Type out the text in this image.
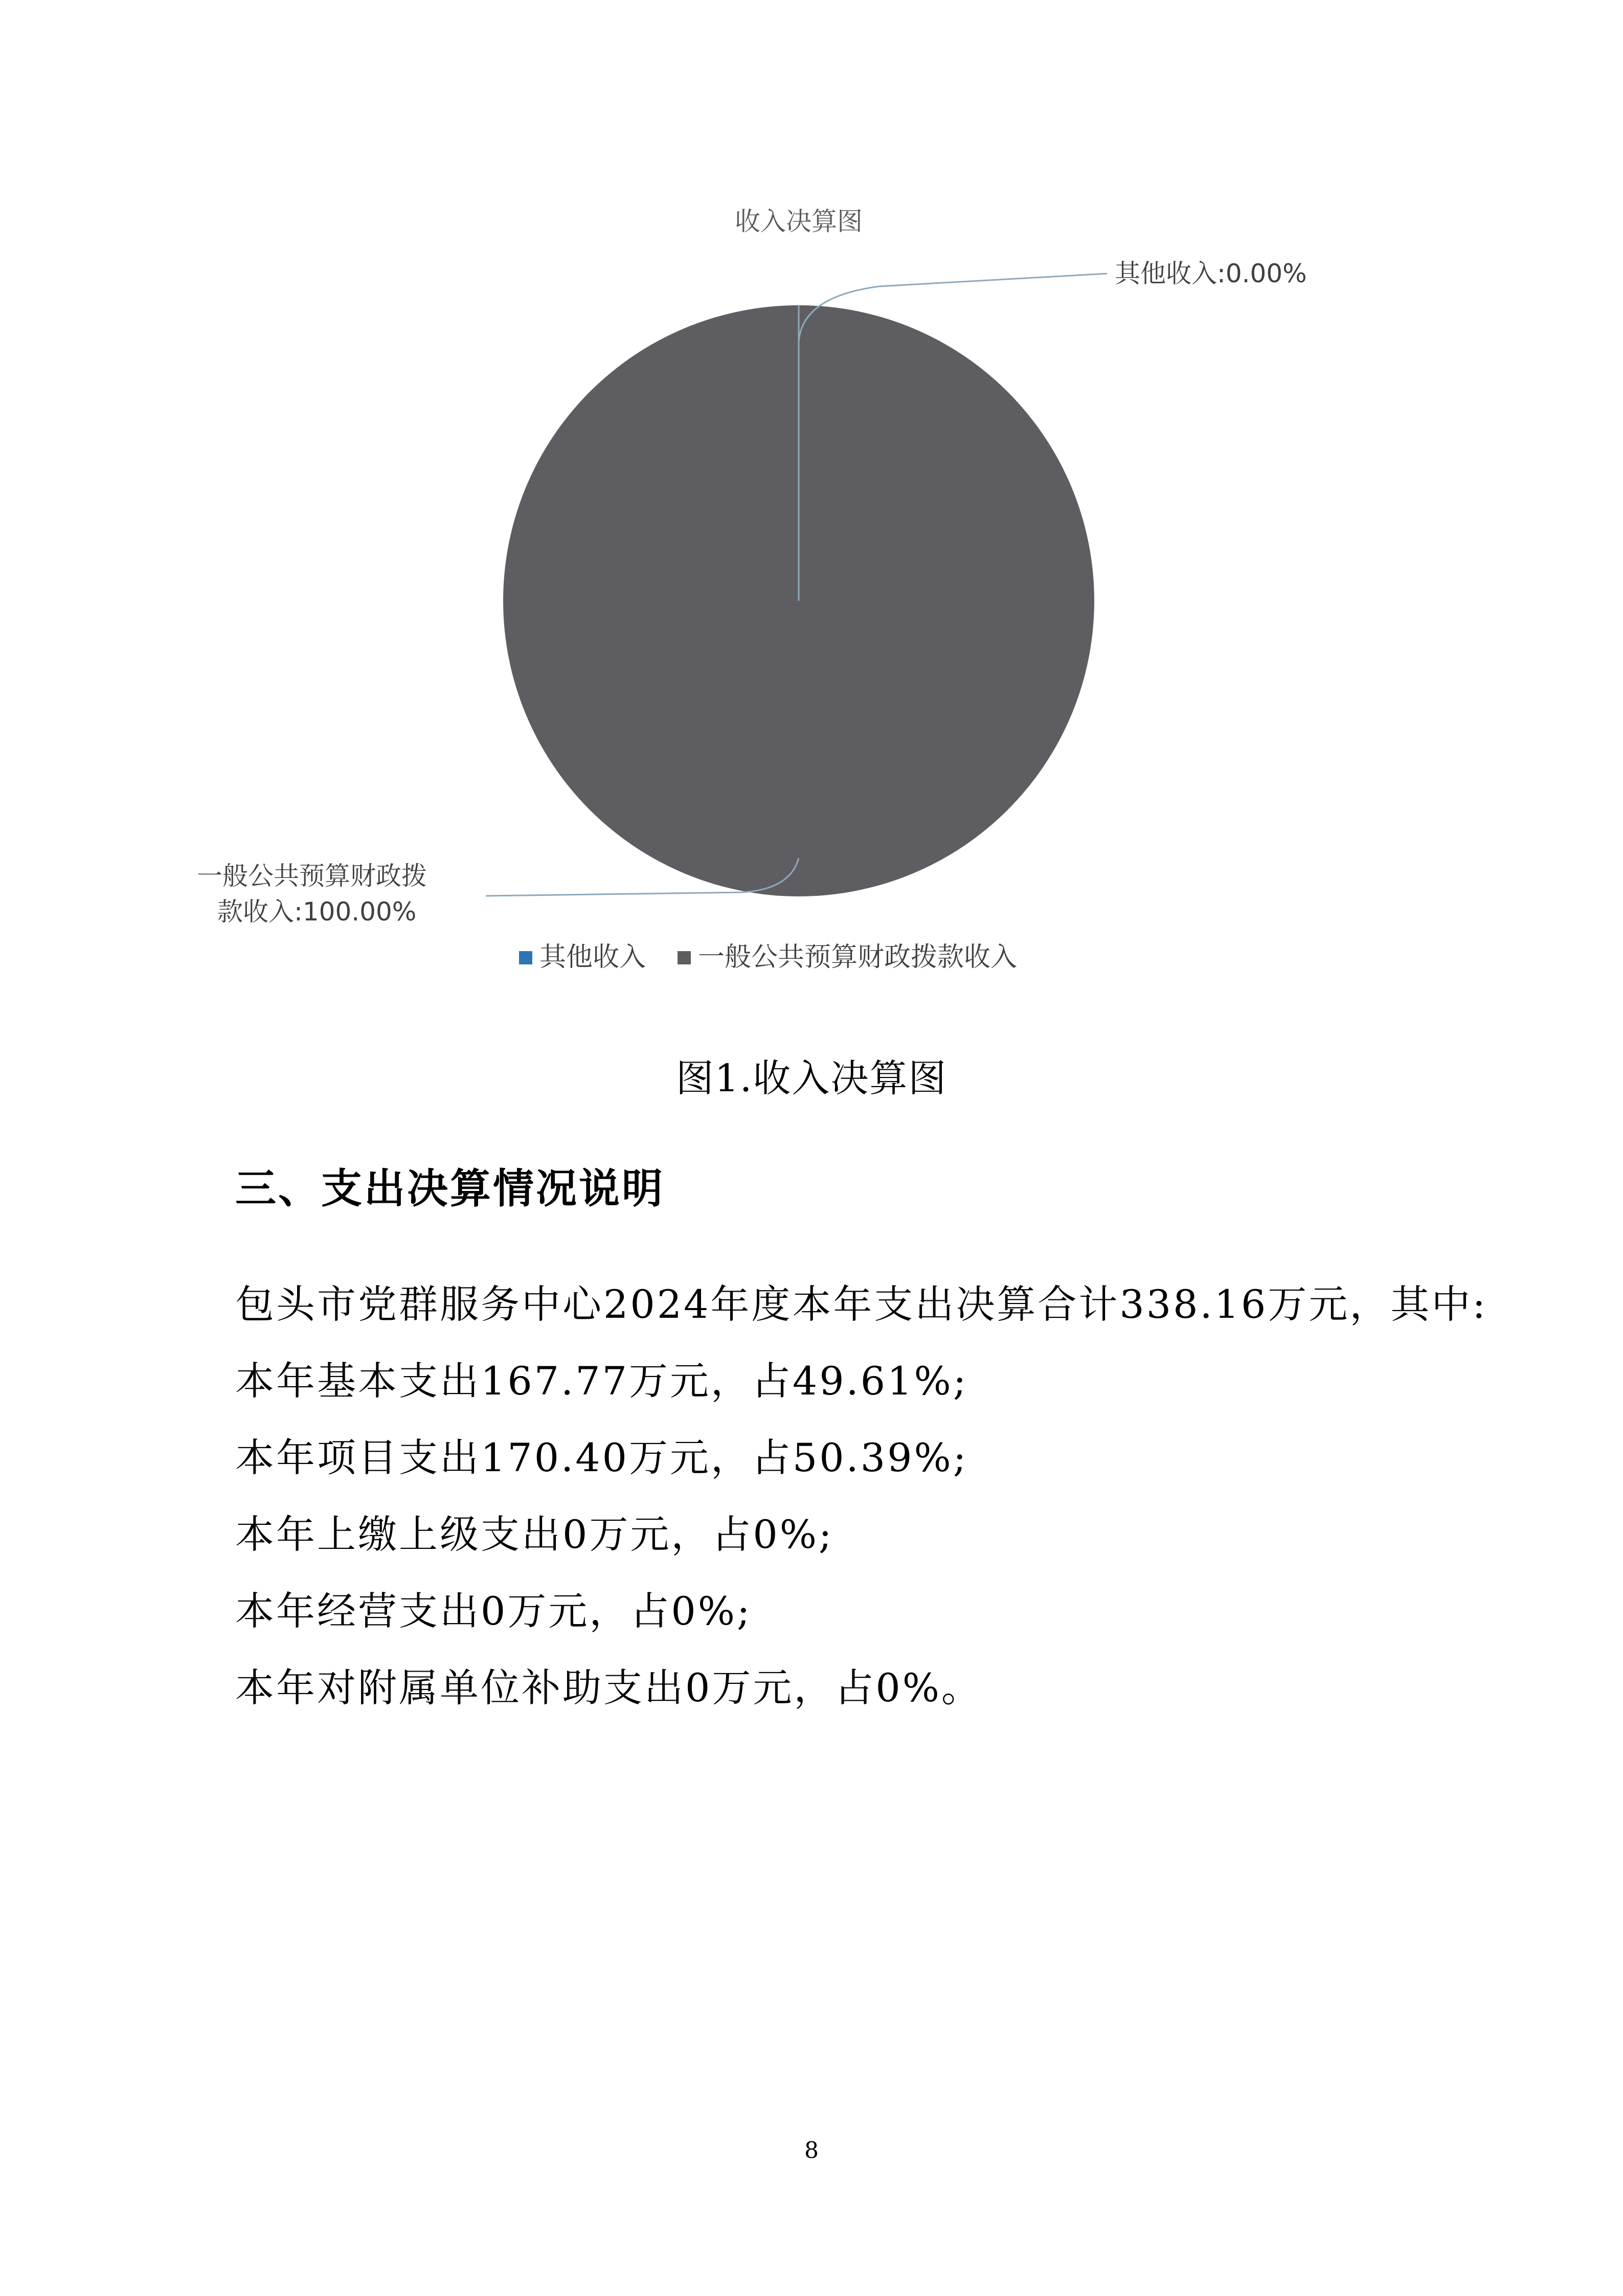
收入决算图
其他收入:0.00%
一般公共预算财政拨
款收入:100.00%
其他收入 一般公共预算财政拨款收入
图1.收入决算图
三、支出决算情况说明
包头市党群服务中心2024年度本年支出决算合计338.16万元，其中:
本年基本支出167.77万元，占49.61%;
本年项目支出170.40万元，占50.39%;
本年上缴上级支出0万元，占0%;
本年经营支出0万元，占0%;
本年对附属单位补助支出0万元，占0%。
8
